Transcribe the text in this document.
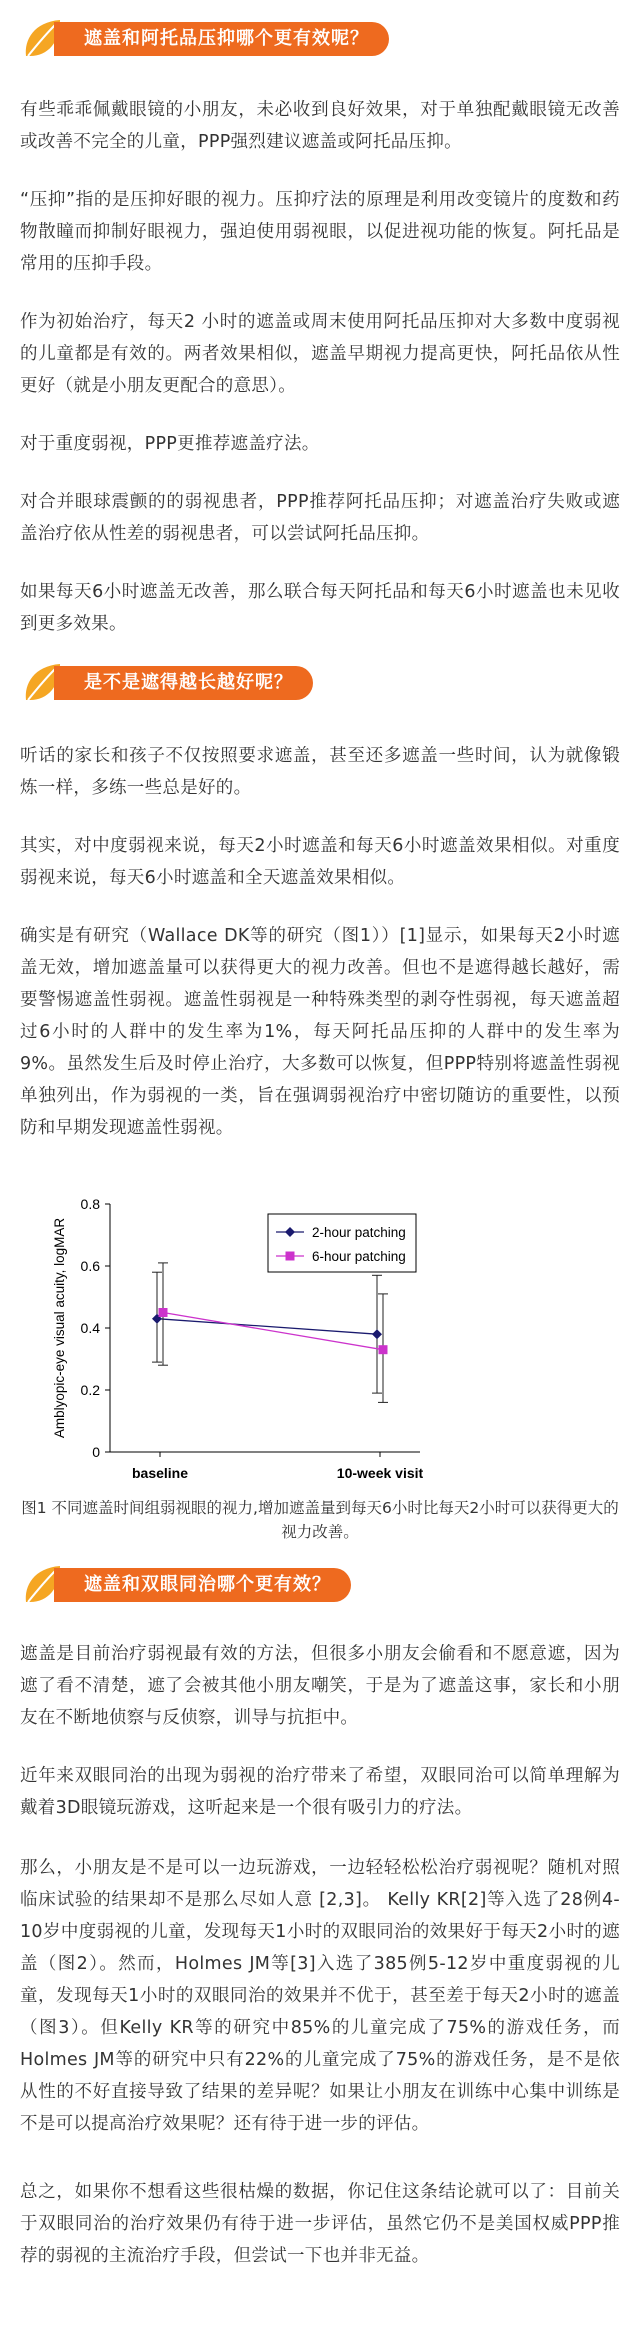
遮盖和阿托品压抑哪个更有效呢？

有些乖乖佩戴眼镜的小朋友，未必收到良好效果，对于单独配戴眼镜无改善或改善不完全的儿童，PPP强烈建议遮盖或阿托品压抑。

“压抑”指的是压抑好眼的视力。压抑疗法的原理是利用改变镜片的度数和药物散瞳而抑制好眼视力，强迫使用弱视眼，以促进视功能的恢复。阿托品是常用的压抑手段。

作为初始治疗，每天2 小时的遮盖或周末使用阿托品压抑对大多数中度弱视的儿童都是有效的。两者效果相似，遮盖早期视力提高更快，阿托品依从性更好（就是小朋友更配合的意思）。

对于重度弱视，PPP更推荐遮盖疗法。

对合并眼球震颤的的弱视患者，PPP推荐阿托品压抑；对遮盖治疗失败或遮盖治疗依从性差的弱视患者，可以尝试阿托品压抑。

如果每天6小时遮盖无改善，那么联合每天阿托品和每天6小时遮盖也未见收到更多效果。

是不是遮得越长越好呢？

听话的家长和孩子不仅按照要求遮盖，甚至还多遮盖一些时间，认为就像锻炼一样，多练一些总是好的。

其实，对中度弱视来说，每天2小时遮盖和每天6小时遮盖效果相似。对重度弱视来说，每天6小时遮盖和全天遮盖效果相似。

确实是有研究（Wallace DK等的研究（图1））[1]显示，如果每天2小时遮盖无效，增加遮盖量可以获得更大的视力改善。但也不是遮得越长越好，需要警惕遮盖性弱视。遮盖性弱视是一种特殊类型的剥夺性弱视，每天遮盖超过6小时的人群中的发生率为1%，每天阿托品压抑的人群中的发生率为9%。虽然发生后及时停止治疗，大多数可以恢复，但PPP特别将遮盖性弱视单独列出，作为弱视的一类，旨在强调弱视治疗中密切随访的重要性，以预防和早期发现遮盖性弱视。

0
0.2
0.4
0.6
0.8
baseline	10-week visit
Amblyopic-eye visual acuity, logMAR	2-hour patching
6-hour patching

图1 不同遮盖时间组弱视眼的视力,增加遮盖量到每天6小时比每天2小时可以获得更大的视力改善。

遮盖和双眼同治哪个更有效？

遮盖是目前治疗弱视最有效的方法，但很多小朋友会偷看和不愿意遮，因为遮了看不清楚，遮了会被其他小朋友嘲笑，于是为了遮盖这事，家长和小朋友在不断地侦察与反侦察，训导与抗拒中。

近年来双眼同治的出现为弱视的治疗带来了希望，双眼同治可以简单理解为戴着3D眼镜玩游戏，这听起来是一个很有吸引力的疗法。

那么，小朋友是不是可以一边玩游戏，一边轻轻松松治疗弱视呢？随机对照临床试验的结果却不是那么尽如人意 [2,3]。 Kelly KR[2]等入选了28例4-10岁中度弱视的儿童，发现每天1小时的双眼同治的效果好于每天2小时的遮盖（图2）。然而，Holmes JM等[3]入选了385例5-12岁中重度弱视的儿童，发现每天1小时的双眼同治的效果并不优于，甚至差于每天2小时的遮盖（图3）。但Kelly KR等的研究中85%的儿童完成了75%的游戏任务，而Holmes JM等的研究中只有22%的儿童完成了75%的游戏任务，是不是依从性的不好直接导致了结果的差异呢？如果让小朋友在训练中心集中训练是不是可以提高治疗效果呢？还有待于进一步的评估。

总之，如果你不想看这些很枯燥的数据，你记住这条结论就可以了：目前关于双眼同治的治疗效果仍有待于进一步评估，虽然它仍不是美国权威PPP推荐的弱视的主流治疗手段，但尝试一下也并非无益。
